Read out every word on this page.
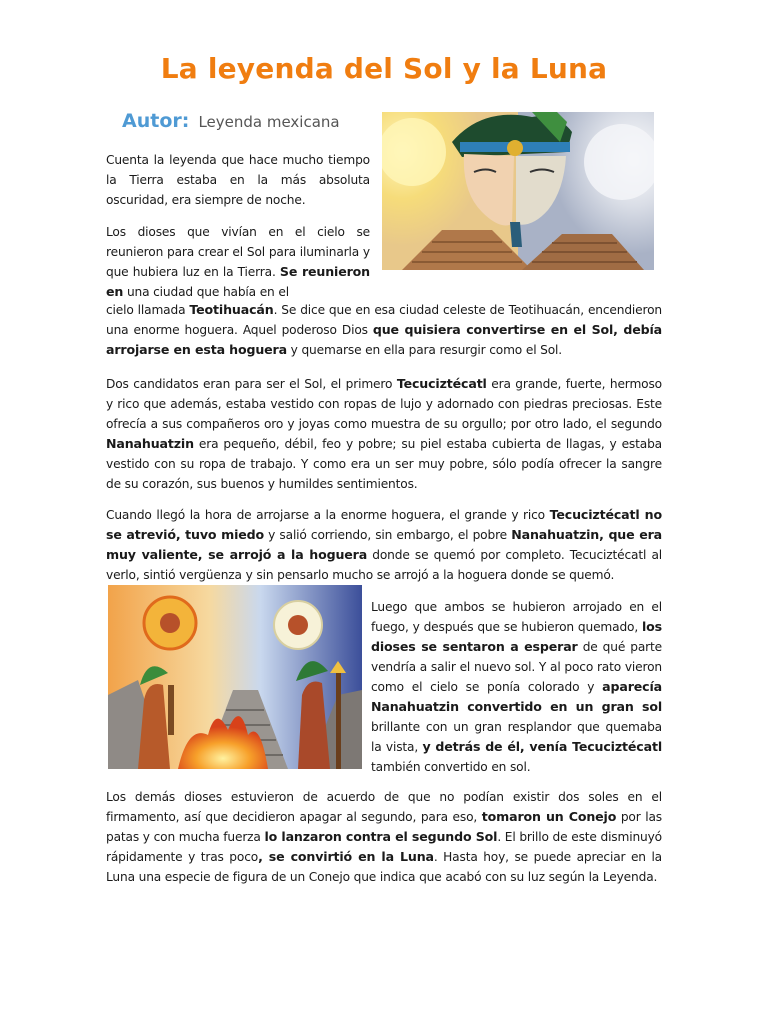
La leyenda del Sol y la Luna
Autor: Leyenda mexicana
Cuenta la leyenda que hace mucho tiempo la Tierra estaba en la más absoluta oscuridad, era siempre de noche.
Los dioses que vivían en el cielo se reunieron para crear el Sol para iluminarla y que hubiera luz en la Tierra. Se reunieron en una ciudad que había en el
cielo llamada Teotihuacán. Se dice que en esa ciudad celeste de Teotihuacán, encendieron una enorme hoguera. Aquel poderoso Dios que quisiera convertirse en el Sol, debía arrojarse en esta hoguera y quemarse en ella para resurgir como el Sol.
Dos candidatos eran para ser el Sol, el primero Tecuciztécatl era grande, fuerte, hermoso y rico que además, estaba vestido con ropas de lujo y adornado con piedras preciosas. Este ofrecía a sus compañeros oro y joyas como muestra de su orgullo; por otro lado, el segundo Nanahuatzin era pequeño, débil, feo y pobre; su piel estaba cubierta de llagas, y estaba vestido con su ropa de trabajo. Y como era un ser muy pobre, sólo podía ofrecer la sangre de su corazón, sus buenos y humildes sentimientos.
Cuando llegó la hora de arrojarse a la enorme hoguera, el grande y rico Tecuciztécatl no se atrevió, tuvo miedo y salió corriendo, sin embargo, el pobre Nanahuatzin, que era muy valiente, se arrojó a la hoguera donde se quemó por completo. Tecuciztécatl al verlo, sintió vergüenza y sin pensarlo mucho se arrojó a la hoguera donde se quemó.
Luego que ambos se hubieron arrojado en el fuego, y después que se hubieron quemado, los dioses se sentaron a esperar de qué parte vendría a salir el nuevo sol. Y al poco rato vieron como el cielo se ponía colorado y aparecía Nanahuatzin convertido en un gran sol brillante con un gran resplandor que quemaba la vista, y detrás de él, venía Tecuciztécatl también convertido en sol.
Los demás dioses estuvieron de acuerdo de que no podían existir dos soles en el firmamento, así que decidieron apagar al segundo, para eso, tomaron un Conejo por las patas y con mucha fuerza lo lanzaron contra el segundo Sol. El brillo de este disminuyó rápidamente y tras poco, se convirtió en la Luna. Hasta hoy, se puede apreciar en la Luna una especie de figura de un Conejo que indica que acabó con su luz según la Leyenda.
